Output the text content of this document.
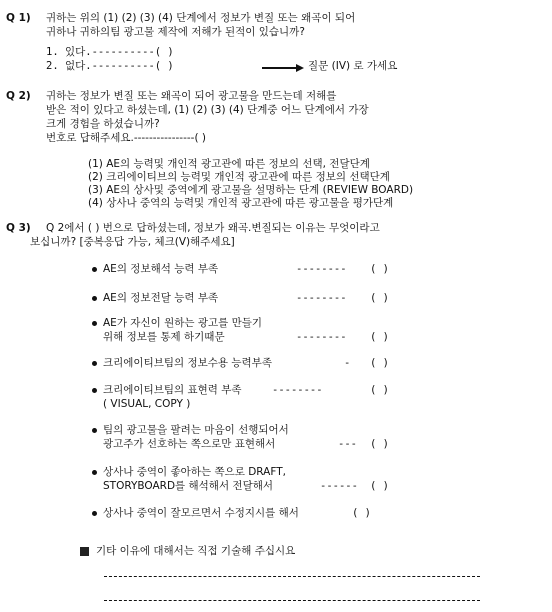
Q 1) 귀하는 위의 (1) (2) (3) (4) 단계에서 정보가 변질 또는 왜곡이 되어
귀하나 귀하의팀 광고물 제작에 저해가 된적이 있습니까?
1. 있다.----------( )
2. 없다.----------( )	질문 (IV) 로 가세요
Q 2) 귀하는 정보가 변질 또는 왜곡이 되어 광고물을 만드는데 저해를
받은 적이 있다고 하셨는데, (1) (2) (3) (4) 단계중 어느 단계에서 가장
크게 경험을 하셨습니까?
번호로 답해주세요.----------------( )
(1) AE의 능력및 개인적 광고관에 따른 정보의 선택, 전달단계
(2) 크리에이티브의 능력및 개인적 광고관에 따른 정보의 선택단계
(3) AE의 상사및 중역에게 광고물을 설명하는 단계 (REVIEW BOARD)
(4) 상사나 중역의 능력및 개인적 광고관에 따른 광고물을 평가단계
Q 3) Q 2에서 ( ) 번으로 답하셨는데, 정보가 왜곡.변질되는 이유는 무엇이라고
보십니까? [중복응답 가능, 체크(V)해주세요]
AE의 정보해석 능력 부족	-------- ( )
AE의 정보전달 능력 부족	-------- ( )
AE가 자신이 원하는 광고를 만들기
위해 정보를 통제 하기때문	-------- ( )
크리에이티브팀의 정보수용 능력부족	- ( )
크리에이티브팀의 표현력 부족	--------	( )
( VISUAL, COPY )
팀의 광고물을 팔려는 마음이 선행되어서
광고주가 선호하는 쪽으로만 표현해서	--- ( )
상사나 중역이 좋아하는 쪽으로 DRAFT,
STORYBOARD를 해석해서 전달해서	------ ( )
상사나 중역이 잘모르면서 수정지시를 해서	( )
기타 이유에 대해서는 직접 기술해 주십시요
